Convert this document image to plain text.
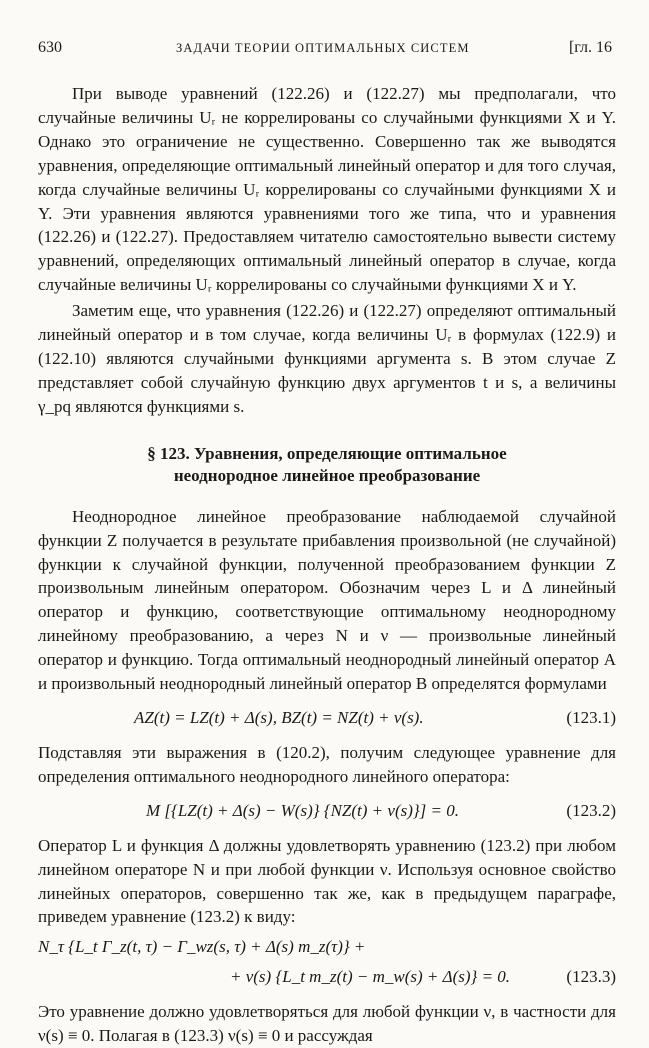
630	ЗАДАЧИ ТЕОРИИ ОПТИМАЛЬНЫХ СИСТЕМ	[гл. 16

При выводе уравнений (122.26) и (122.27) мы предполагали, что случайные величины Uᵣ не коррелированы со случайными функциями X и Y. Однако это ограничение не существенно. Совершенно так же выводятся уравнения, определяющие оптимальный линейный оператор и для того случая, когда случайные величины Uᵣ коррелированы со случайными функциями X и Y. Эти уравнения являются уравнениями того же типа, что и уравнения (122.26) и (122.27). Предоставляем читателю самостоятельно вывести систему уравнений, определяющих оптимальный линейный оператор в случае, когда случайные величины Uᵣ коррелированы со случайными функциями X и Y.

Заметим еще, что уравнения (122.26) и (122.27) определяют оптимальный линейный оператор и в том случае, когда величины Uᵣ в формулах (122.9) и (122.10) являются случайными функциями аргумента s. В этом случае Z представляет собой случайную функцию двух аргументов t и s, а величины γ_pq являются функциями s.

§ 123. Уравнения, определяющие оптимальное
неоднородное линейное преобразование

Неоднородное линейное преобразование наблюдаемой случайной функции Z получается в результате прибавления произвольной (не случайной) функции к случайной функции, полученной преобразованием функции Z произвольным линейным оператором. Обозначим через L и Δ линейный оператор и функцию, соответствующие оптимальному неоднородному линейному преобразованию, а через N и ν — произвольные линейный оператор и функцию. Тогда оптимальный неоднородный линейный оператор A и произвольный неоднородный линейный оператор B определятся формулами

AZ(t) = LZ(t) + Δ(s), BZ(t) = NZ(t) + ν(s).	(123.1)

Подставляя эти выражения в (120.2), получим следующее уравнение для определения оптимального неоднородного линейного оператора:

M [{LZ(t) + Δ(s) − W(s)} {NZ(t) + ν(s)}] = 0.	(123.2)

Оператор L и функция Δ должны удовлетворять уравнению (123.2) при любом линейном операторе N и при любой функции ν. Используя основное свойство линейных операторов, совершенно так же, как в предыдущем параграфе, приведем уравнение (123.2) к виду:

N_τ {L_t Γ_z(t, τ) − Γ_wz(s, τ) + Δ(s) m_z(τ)} +
+ ν(s) {L_t m_z(t) − m_w(s) + Δ(s)} = 0.	(123.3)

Это уравнение должно удовлетворяться для любой функции ν, в частности для ν(s) ≡ 0. Полагая в (123.3) ν(s) ≡ 0 и рассуждая
